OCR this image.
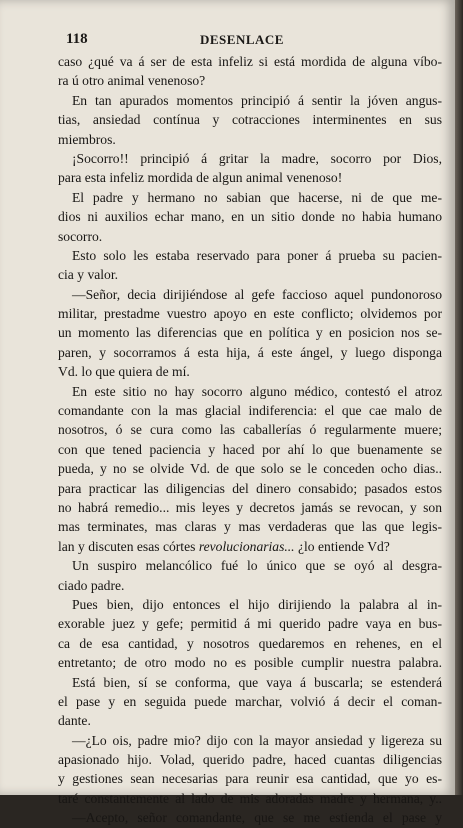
118	DESENLACE
caso ¿qué va á ser de esta infeliz si está mordida de alguna víbo-
ra ú otro animal venenoso?
En tan apurados momentos principió á sentir la jóven angus-
tias, ansiedad contínua y cotracciones interminentes en sus
miembros.
¡Socorro!! principió á gritar la madre, socorro por Dios,
para esta infeliz mordida de algun animal venenoso!
El padre y hermano no sabian que hacerse, ni de que me-
dios ni auxilios echar mano, en un sitio donde no habia humano
socorro.
Esto solo les estaba reservado para poner á prueba su pacien-
cia y valor.
—Señor, decia dirijiéndose al gefe faccioso aquel pundonoroso
militar, prestadme vuestro apoyo en este conflicto; olvidemos por
un momento las diferencias que en política y en posicion nos se-
paren, y socorramos á esta hija, á este ángel, y luego disponga
Vd. lo que quiera de mí.
En este sitio no hay socorro alguno médico, contestó el atroz
comandante con la mas glacial indiferencia: el que cae malo de
nosotros, ó se cura como las caballerías ó regularmente muere;
con que tened paciencia y haced por ahí lo que buenamente se
pueda, y no se olvide Vd. de que solo se le conceden ocho dias..
para practicar las diligencias del dinero consabido; pasados estos
no habrá remedio... mis leyes y decretos jamás se revocan, y son
mas terminates, mas claras y mas verdaderas que las que legis-
lan y discuten esas córtes revolucionarias... ¿lo entiende Vd?
Un suspiro melancólico fué lo único que se oyó al desgra-
ciado padre.
Pues bien, dijo entonces el hijo dirijiendo la palabra al in-
exorable juez y gefe; permitid á mi querido padre vaya en bus-
ca de esa cantidad, y nosotros quedaremos en rehenes, en el
entretanto; de otro modo no es posible cumplir nuestra palabra.
Está bien, sí se conforma, que vaya á buscarla; se estenderá
el pase y en seguida puede marchar, volvió á decir el coman-
dante.
—¿Lo ois, padre mio? dijo con la mayor ansiedad y ligereza su
apasionado hijo. Volad, querido padre, haced cuantas diligencias
y gestiones sean necesarias para reunir esa cantidad, que yo es-
taré constantemente al lado de mis adoradas madre y hermana, y..
—Acepto, señor comandante, que se me estienda el pase y
